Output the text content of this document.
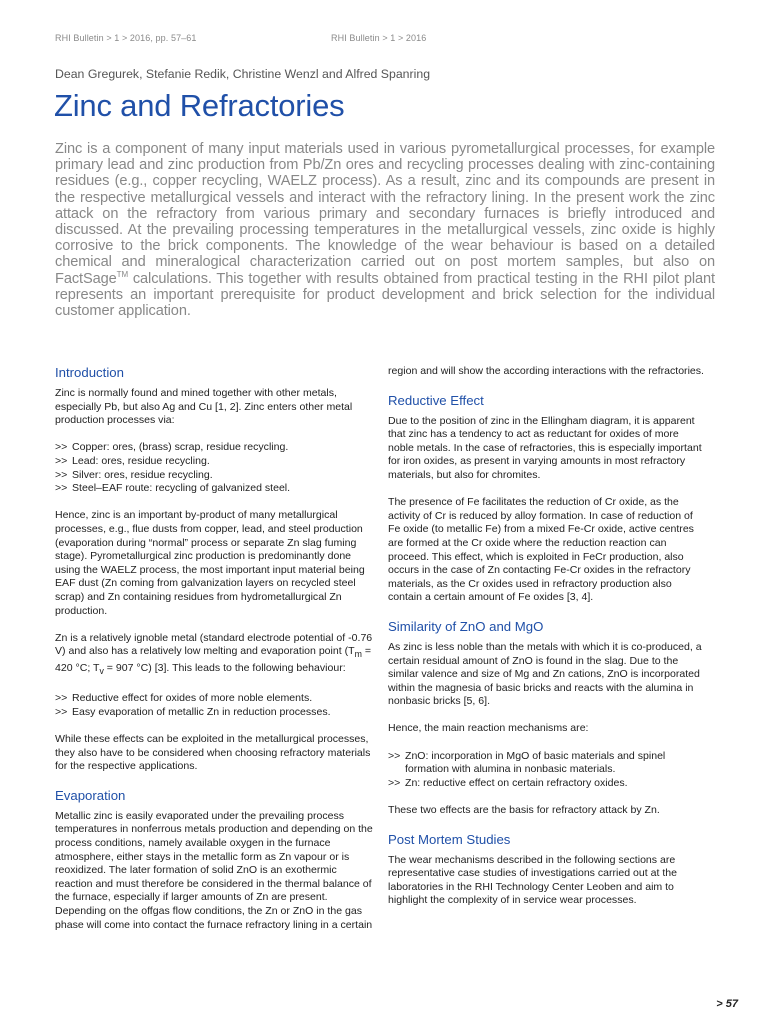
RHI Bulletin > 1 > 2016, pp. 57–61	RHI Bulletin > 1 > 2016
Dean Gregurek, Stefanie Redik, Christine Wenzl and Alfred Spanring
Zinc and Refractories

Zinc is a component of many input materials used in various pyrometallurgical processes, for example primary lead and zinc production from Pb/Zn ores and recycling processes dealing with zinc-containing residues (e.g., copper recycling, WAELZ process). As a result, zinc and its compounds are present in the respective metallurgical vessels and interact with the refractory lining. In the present work the zinc attack on the refractory from various primary and secondary furnaces is briefly introduced and discussed. At the prevailing processing temperatures in the metallurgical vessels, zinc oxide is highly corrosive to the brick components. The knowledge of the wear behaviour is based on a detailed chemical and mineralogical characterization carried out on post mortem samples, but also on FactSage™ calculations. This together with results obtained from practical testing in the RHI pilot plant represents an important prerequisite for product development and brick selection for the individual customer application.

Introduction

Zinc is normally found and mined together with other metals, especially Pb, but also Ag and Cu [1, 2]. Zinc enters other metal production processes via:

>> Copper: ores, (brass) scrap, residue recycling.
>> Lead: ores, residue recycling.
>> Silver: ores, residue recycling.
>> Steel–EAF route: recycling of galvanized steel.

Hence, zinc is an important by-product of many metallurgical processes, e.g., flue dusts from copper, lead, and steel production (evaporation during “normal” process or separate Zn slag fuming stage). Pyrometallurgical zinc production is predominantly done using the WAELZ process, the most important input material being EAF dust (Zn coming from galvanization layers on recycled steel scrap) and Zn containing residues from hydrometallurgical Zn production.

Zn is a relatively ignoble metal (standard electrode potential of -0.76 V) and also has a relatively low melting and evaporation point ($T_m = 420$ °C; $T_v = 907$ °C) [3]. This leads to the following behaviour:

>> Reductive effect for oxides of more noble elements.
>> Easy evaporation of metallic Zn in reduction processes.

While these effects can be exploited in the metallurgical processes, they also have to be considered when choosing refractory materials for the respective applications.

Evaporation

Metallic zinc is easily evaporated under the prevailing process temperatures in nonferrous metals production and depending on the process conditions, namely available oxygen in the furnace atmosphere, either stays in the metallic form as Zn vapour or is reoxidized. The later formation of solid ZnO is an exothermic reaction and must therefore be considered in the thermal balance of the furnace, especially if larger amounts of Zn are present. Depending on the offgas flow conditions, the Zn or ZnO in the gas phase will come into contact the furnace refractory lining in a certain

region and will show the according interactions with the refractories.

Reductive Effect

Due to the position of zinc in the Ellingham diagram, it is apparent that zinc has a tendency to act as reductant for oxides of more noble metals. In the case of refractories, this is especially important for iron oxides, as present in varying amounts in most refractory materials, but also for chromites.

The presence of Fe facilitates the reduction of Cr oxide, as the activity of Cr is reduced by alloy formation. In case of reduction of Fe oxide (to metallic Fe) from a mixed Fe-Cr oxide, active centres are formed at the Cr oxide where the reduction reaction can proceed. This effect, which is exploited in FeCr production, also occurs in the case of Zn contacting Fe-Cr oxides in the refractory materials, as the Cr oxides used in refractory production also contain a certain amount of Fe oxides [3, 4].

Similarity of ZnO and MgO

As zinc is less noble than the metals with which it is co-produced, a certain residual amount of ZnO is found in the slag. Due to the similar valence and size of Mg and Zn cations, ZnO is incorporated within the magnesia of basic bricks and reacts with the alumina in nonbasic bricks [5, 6].

Hence, the main reaction mechanisms are:

>> ZnO: incorporation in MgO of basic materials and spinel formation with alumina in nonbasic materials.
>> Zn: reductive effect on certain refractory oxides.

These two effects are the basis for refractory attack by Zn.

Post Mortem Studies

The wear mechanisms described in the following sections are representative case studies of investigations carried out at the laboratories in the RHI Technology Center Leoben and aim to highlight the complexity of in service wear processes.

> 57
